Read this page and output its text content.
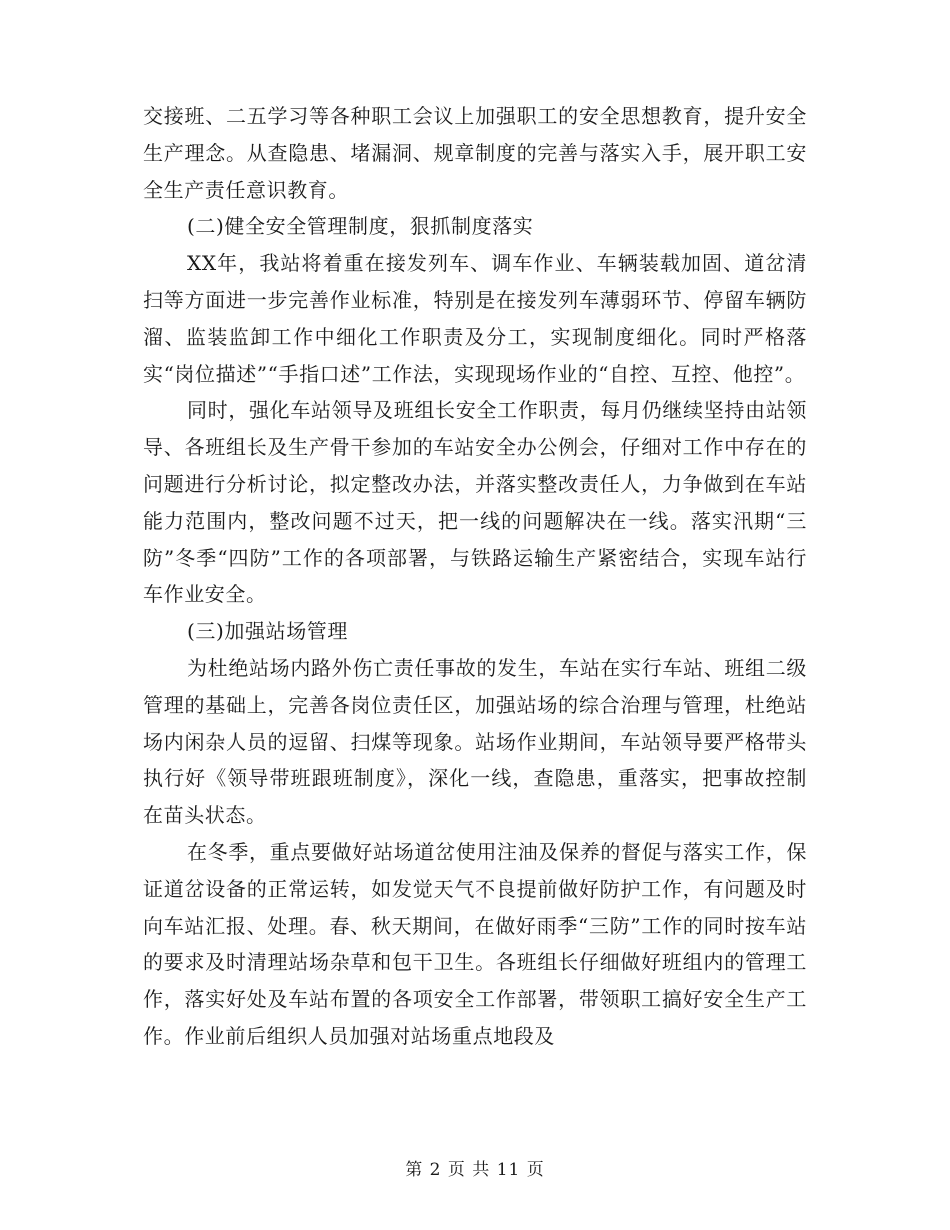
交接班、二五学习等各种职工会议上加强职工的安全思想教育，提升安全生产理念。从查隐患、堵漏洞、规章制度的完善与落实入手，展开职工安全生产责任意识教育。

(二)健全安全管理制度，狠抓制度落实

XX年，我站将着重在接发列车、调车作业、车辆装载加固、道岔清扫等方面进一步完善作业标准，特别是在接发列车薄弱环节、停留车辆防溜、监装监卸工作中细化工作职责及分工，实现制度细化。同时严格落实“岗位描述”“手指口述”工作法，实现现场作业的“自控、互控、他控”。

同时，强化车站领导及班组长安全工作职责，每月仍继续坚持由站领导、各班组长及生产骨干参加的车站安全办公例会，仔细对工作中存在的问题进行分析讨论，拟定整改办法，并落实整改责任人，力争做到在车站能力范围内，整改问题不过天，把一线的问题解决在一线。落实汛期“三防”冬季“四防”工作的各项部署，与铁路运输生产紧密结合，实现车站行车作业安全。

(三)加强站场管理

为杜绝站场内路外伤亡责任事故的发生，车站在实行车站、班组二级管理的基础上，完善各岗位责任区，加强站场的综合治理与管理，杜绝站场内闲杂人员的逗留、扫煤等现象。站场作业期间，车站领导要严格带头执行好《领导带班跟班制度》，深化一线，查隐患，重落实，把事故控制在苗头状态。

在冬季，重点要做好站场道岔使用注油及保养的督促与落实工作，保证道岔设备的正常运转，如发觉天气不良提前做好防护工作，有问题及时向车站汇报、处理。春、秋天期间，在做好雨季“三防”工作的同时按车站的要求及时清理站场杂草和包干卫生。各班组长仔细做好班组内的管理工作，落实好处及车站布置的各项安全工作部署，带领职工搞好安全生产工作。作业前后组织人员加强对站场重点地段及

第 2 页 共 11 页
